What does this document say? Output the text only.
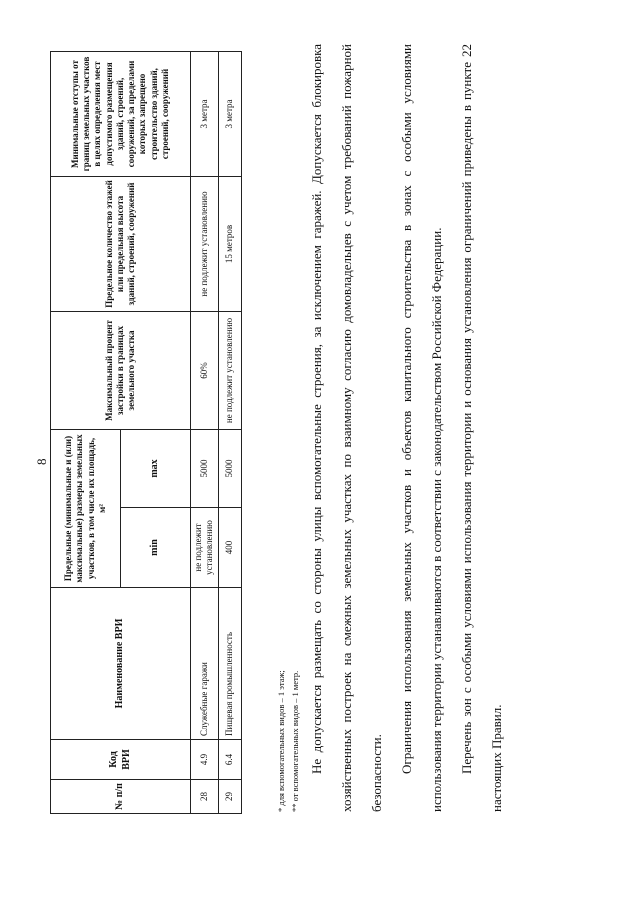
8
№ п/п	Код ВРИ	Наименование ВРИ	Предельные (минимальные и (или) максимальные) размеры земельных участков, в том числе их площадь, м²		Максимальный процент застройки в границах земельного участка	Предельное количество этажей или предельная высота зданий, строений, сооружений	Минимальные отступы от границ земельных участков в целях определения мест допустимого размещения зданий, строений, сооружений, за пределами которых запрещено строительство зданий, строений, сооружений
			min	max			
28	4.9	Служебные гаражи	не подлежит установлению	5000	60%	не подлежит установлению	3 метра
29	6.4	Пищевая промышленность	400	5000	не подлежит установлению	15 метров	3 метра
* для вспомогательных видов – 1 этаж; ** от вспомогательных видов – 1 метр. Не допускается размещать со стороны улицы вспомогательные строения, за исключением гаражей. Допускается блокировка хозяйственных построек на смежных земельных участках по взаимному согласию домовладельцев с учетом требований пожарной безопасности.	Ограничения использования земельных участков и объектов капитального строительства в зонах с особыми условиями использования территории устанавливаются в соответствии с законодательством Российской Федерации.	Перечень зон с особыми условиями использования территории и основания установления ограничений приведены в пункте 22 настоящих Правил.
